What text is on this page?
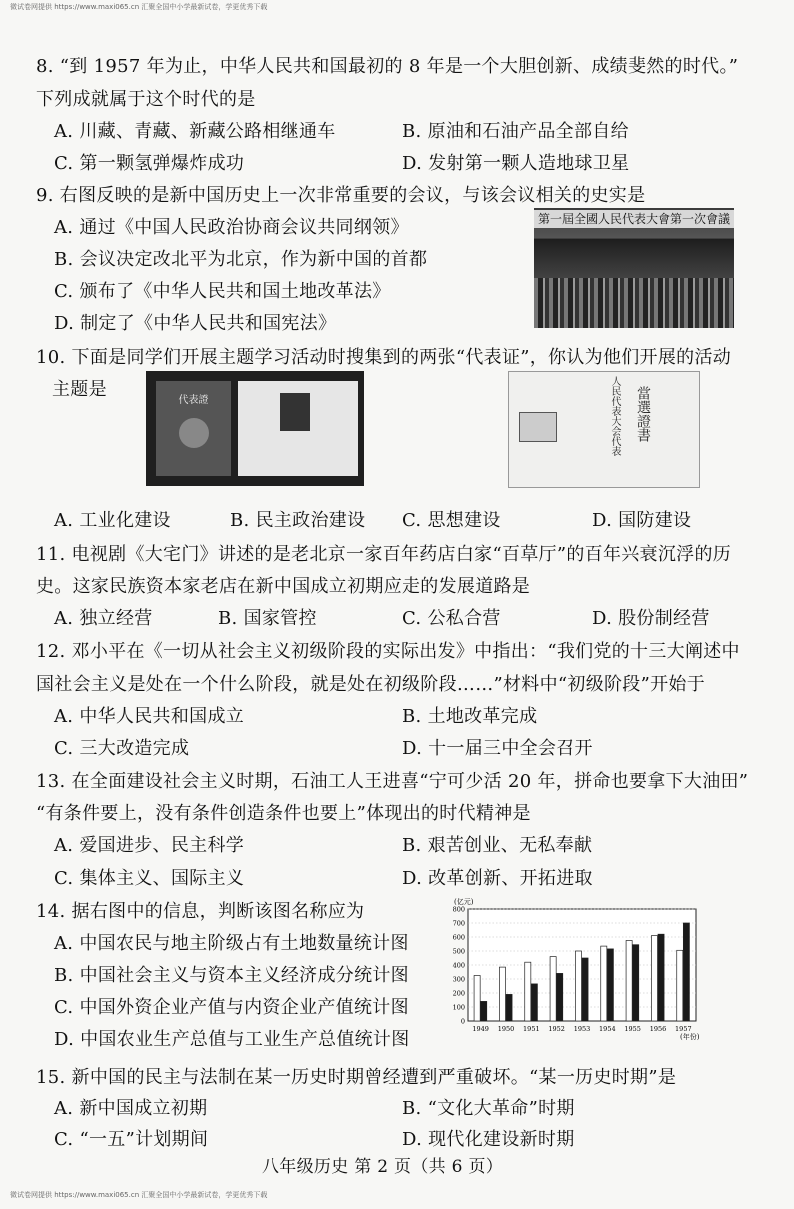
微试卷网提供 https://www.maxi065.cn 汇聚全国中小学最新试卷，学更优秀下载
8. “到 1957 年为止，中华人民共和国最初的 8 年是一个大胆创新、成绩斐然的时代。”
下列成就属于这个时代的是
A. 川藏、青藏、新藏公路相继通车	B. 原油和石油产品全部自给
C. 第一颗氢弹爆炸成功	D. 发射第一颗人造地球卫星
9. 右图反映的是新中国历史上一次非常重要的会议，与该会议相关的史实是
A. 通过《中国人民政治协商会议共同纲领》
B. 会议决定改北平为北京，作为新中国的首都
C. 颁布了《中华人民共和国土地改革法》
D. 制定了《中华人民共和国宪法》
第一屆全國人民代表大會第一次會議
10. 下面是同学们开展主题学习活动时搜集到的两张“代表证”，你认为他们开展的活动
主题是
代表證	人民代表大会代表 當選證書
A. 工业化建设	B. 民主政治建设 C. 思想建设	D. 国防建设
11. 电视剧《大宅门》讲述的是老北京一家百年药店白家“百草厅”的百年兴衰沉浮的历
史。这家民族资本家老店在新中国成立初期应走的发展道路是
A. 独立经营	B. 国家管控	C. 公私合营	D. 股份制经营
12. 邓小平在《一切从社会主义初级阶段的实际出发》中指出：“我们党的十三大阐述中
国社会主义是处在一个什么阶段，就是处在初级阶段……”材料中“初级阶段”开始于
A. 中华人民共和国成立	B. 土地改革完成
C. 三大改造完成	D. 十一届三中全会召开
13. 在全面建设社会主义时期，石油工人王进喜“宁可少活 20 年，拼命也要拿下大油田”
“有条件要上，没有条件创造条件也要上”体现出的时代精神是
A. 爱国进步、民主科学	B. 艰苦创业、无私奉献
C. 集体主义、国际主义	D. 改革创新、开拓进取
14. 据右图中的信息，判断该图名称应为
A. 中国农民与地主阶级占有土地数量统计图
B. 中国社会主义与资本主义经济成分统计图
C. 中国外资企业产值与内资企业产值统计图
D. 中国农业生产总值与工业生产总值统计图
(亿元)
(年份)
0
100
200
300
400
500
600
700
800
1949 1950 1951 1952 1953 1954 1955 1956 1957
15. 新中国的民主与法制在某一历史时期曾经遭到严重破坏。“某一历史时期”是
A. 新中国成立初期	B. “文化大革命”时期
C. “一五”计划期间	D. 现代化建设新时期
八年级历史 第 2 页（共 6 页）
微试卷网提供 https://www.maxi065.cn 汇聚全国中小学最新试卷，学更优秀下载
